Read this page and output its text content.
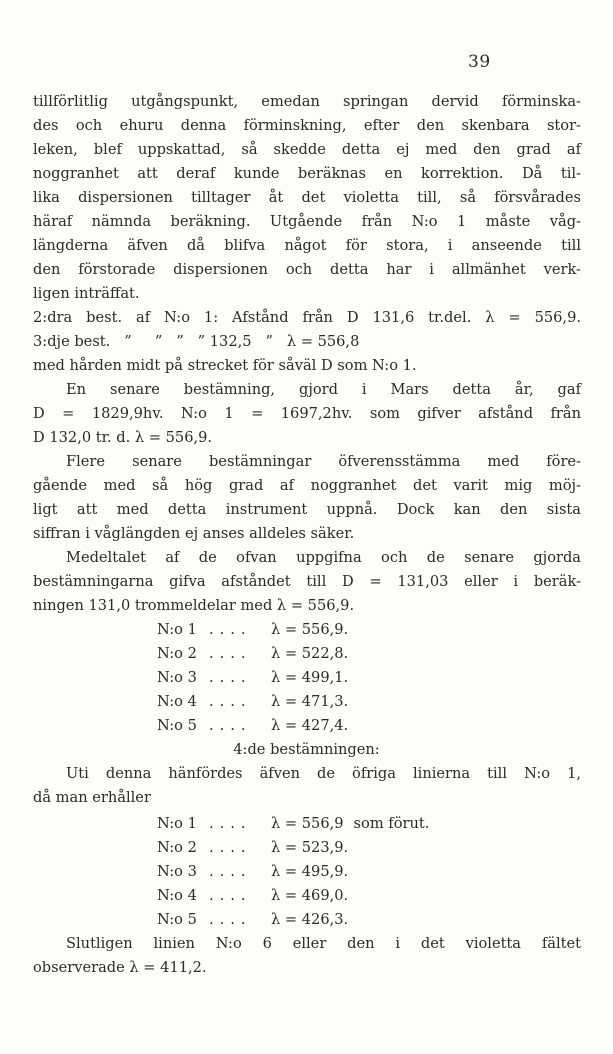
39
tillförlitlig utgångspunkt, emedan springan dervid förminska-
des och ehuru denna förminskning, efter den skenbara stor-
leken, blef uppskattad, så skedde detta ej med den grad af
noggranhet att deraf kunde beräknas en korrektion. Då til-
lika dispersionen tilltager åt det violetta till, så försvårades
häraf nämnda beräkning. Utgående från N:o 1 måste våg-
längderna äfven då blifva något för stora, i anseende till
den förstorade dispersionen och detta har i allmänhet verk-
ligen inträffat.
2:dra best. af N:o 1: Afstånd från D 131,6 tr.del. λ = 556,9.
3:dje best.   ”     ”   ”   ” 132,5   ”   λ = 556,8
med hården midt på strecket för såväl D som N:o 1.
En senare bestämning, gjord i Mars detta år, gaf
D = 1829,9hv. N:o 1 = 1697,2hv. som gifver afstånd från
D 132,0 tr. d. λ = 556,9.
Flere senare bestämningar öfverensstämma med före-
gående med så hög grad af noggranhet det varit mig möj-
ligt att med detta instrument uppnå. Dock kan den sista
siffran i våglängden ej anses alldeles säker.
Medeltalet af de ofvan uppgifna och de senare gjorda
bestämningarna gifva afståndet till D = 131,03 eller i beräk-
ningen 131,0 trommeldelar med λ = 556,9.
N:o 1 .... λ = 556,9.
N:o 2 .... λ = 522,8.
N:o 3 .... λ = 499,1.
N:o 4 .... λ = 471,3.
N:o 5 .... λ = 427,4.
4:de bestämningen:
Uti denna hänfördes äfven de öfriga linierna till N:o 1,
då man erhåller
N:o 1 .... λ = 556,9 som förut.
N:o 2 .... λ = 523,9.
N:o 3 .... λ = 495,9.
N:o 4 .... λ = 469,0.
N:o 5 .... λ = 426,3.
Slutligen linien N:o 6 eller den i det violetta fältet
observerade λ = 411,2.
